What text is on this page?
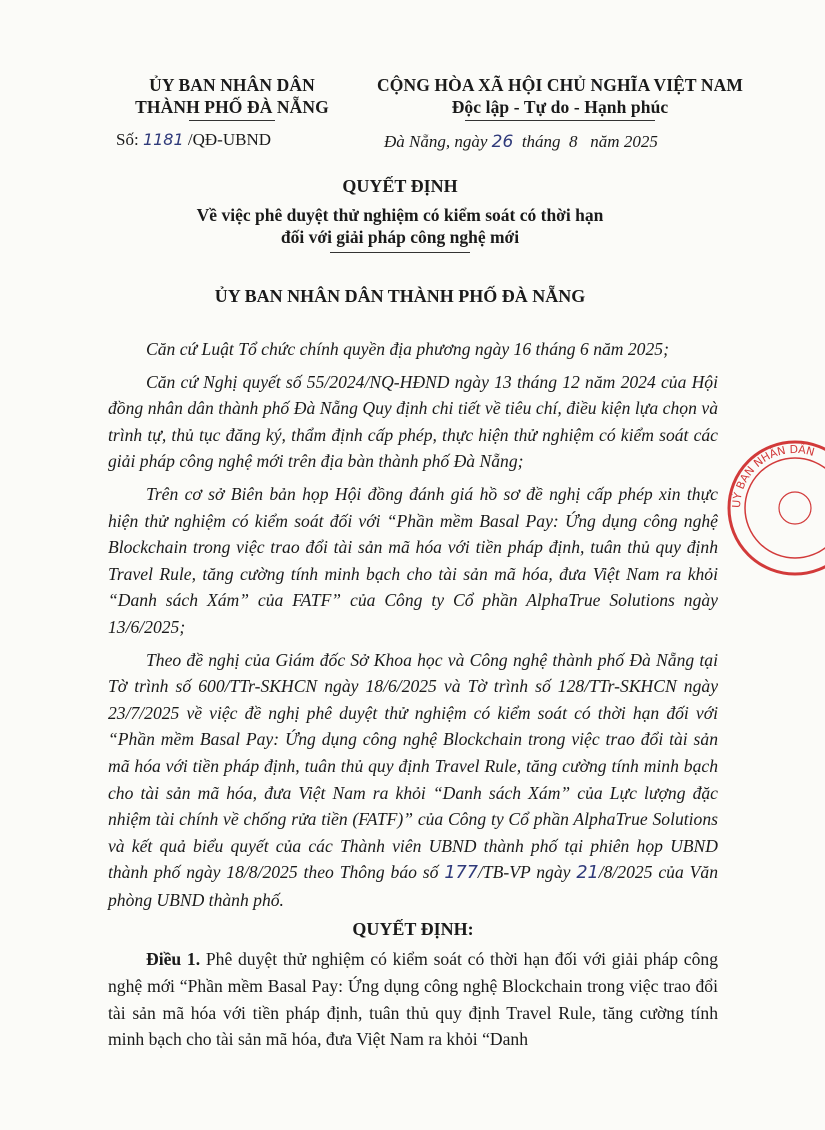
ỦY BAN NHÂN DÂN
THÀNH PHỐ ĐÀ NẴNG
Số: 1181 /QĐ-UBND
CỘNG HÒA XÃ HỘI CHỦ NGHĨA VIỆT NAM
Độc lập - Tự do - Hạnh phúc
Đà Nẵng, ngày 26 tháng 8 năm 2025
QUYẾT ĐỊNH
Về việc phê duyệt thử nghiệm có kiểm soát có thời hạn
đối với giải pháp công nghệ mới
ỦY BAN NHÂN DÂN THÀNH PHỐ ĐÀ NẴNG

Căn cứ Luật Tổ chức chính quyền địa phương ngày 16 tháng 6 năm 2025;

Căn cứ Nghị quyết số 55/2024/NQ-HĐND ngày 13 tháng 12 năm 2024 của Hội đồng nhân dân thành phố Đà Nẵng Quy định chi tiết về tiêu chí, điều kiện lựa chọn và trình tự, thủ tục đăng ký, thẩm định cấp phép, thực hiện thử nghiệm có kiểm soát các giải pháp công nghệ mới trên địa bàn thành phố Đà Nẵng;

Trên cơ sở Biên bản họp Hội đồng đánh giá hồ sơ đề nghị cấp phép xin thực hiện thử nghiệm có kiểm soát đối với “Phần mềm Basal Pay: Ứng dụng công nghệ Blockchain trong việc trao đổi tài sản mã hóa với tiền pháp định, tuân thủ quy định Travel Rule, tăng cường tính minh bạch cho tài sản mã hóa, đưa Việt Nam ra khỏi “Danh sách Xám” của FATF” của Công ty Cổ phần AlphaTrue Solutions ngày 13/6/2025;

Theo đề nghị của Giám đốc Sở Khoa học và Công nghệ thành phố Đà Nẵng tại Tờ trình số 600/TTr-SKHCN ngày 18/6/2025 và Tờ trình số 128/TTr-SKHCN ngày 23/7/2025 về việc đề nghị phê duyệt thử nghiệm có kiểm soát có thời hạn đối với “Phần mềm Basal Pay: Ứng dụng công nghệ Blockchain trong việc trao đổi tài sản mã hóa với tiền pháp định, tuân thủ quy định Travel Rule, tăng cường tính minh bạch cho tài sản mã hóa, đưa Việt Nam ra khỏi “Danh sách Xám” của Lực lượng đặc nhiệm tài chính về chống rửa tiền (FATF)” của Công ty Cổ phần AlphaTrue Solutions và kết quả biểu quyết của các Thành viên UBND thành phố tại phiên họp UBND thành phố ngày 18/8/2025 theo Thông báo số 177/TB-VP ngày 21/8/2025 của Văn phòng UBND thành phố.

QUYẾT ĐỊNH:

Điều 1. Phê duyệt thử nghiệm có kiểm soát có thời hạn đối với giải pháp công nghệ mới “Phần mềm Basal Pay: Ứng dụng công nghệ Blockchain trong việc trao đổi tài sản mã hóa với tiền pháp định, tuân thủ quy định Travel Rule, tăng cường tính minh bạch cho tài sản mã hóa, đưa Việt Nam ra khỏi “Danh

UỶ BAN NHÂN DÂN
